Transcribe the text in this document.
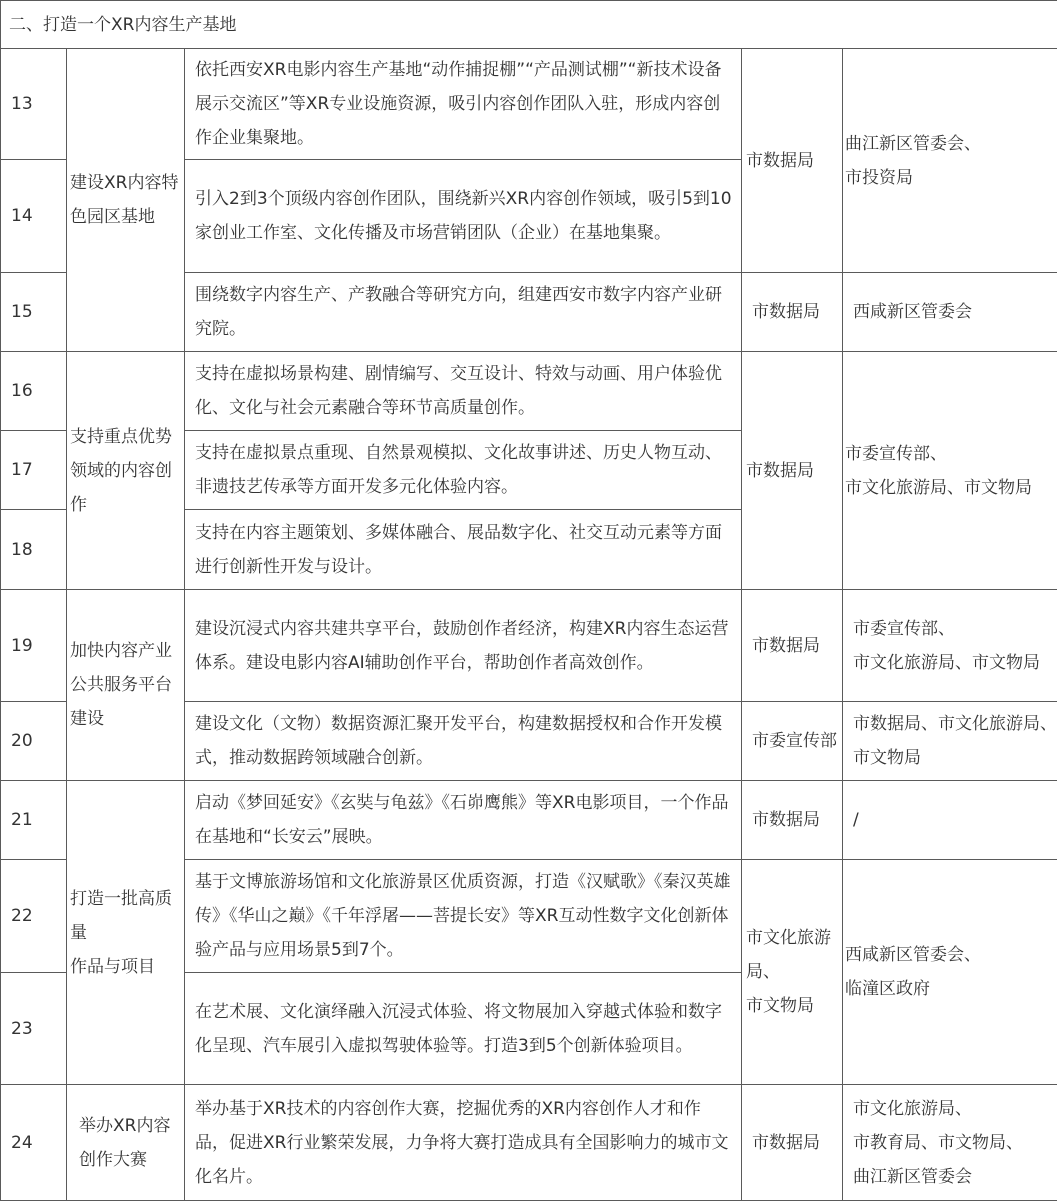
二、打造一个XR内容生产基地				
13	建设XR内容特色园区基地	依托西安XR电影内容生产基地“动作捕捉棚”“产品测试棚”“新技术设备展示交流区”等XR专业设施资源，吸引内容创作团队入驻，形成内容创作企业集聚地。	市数据局	曲江新区管委会、
市投资局
14		引入2到3个顶级内容创作团队，围绕新兴XR内容创作领域，吸引5到10家创业工作室、文化传播及市场营销团队（企业）在基地集聚。		
15		围绕数字内容生产、产教融合等研究方向，组建西安市数字内容产业研究院。	市数据局	西咸新区管委会
16	支持重点优势领域的内容创作	支持在虚拟场景构建、剧情编写、交互设计、特效与动画、用户体验优化、文化与社会元素融合等环节高质量创作。	市数据局	市委宣传部、
市文化旅游局、市文物局
17		支持在虚拟景点重现、自然景观模拟、文化故事讲述、历史人物互动、非遗技艺传承等方面开发多元化体验内容。		
18		支持在内容主题策划、多媒体融合、展品数字化、社交互动元素等方面进行创新性开发与设计。		
19	加快内容产业公共服务平台建设	建设沉浸式内容共建共享平台，鼓励创作者经济，构建XR内容生态运营体系。建设电影内容AI辅助创作平台，帮助创作者高效创作。	市数据局	市委宣传部、
市文化旅游局、市文物局
20		建设文化（文物）数据资源汇聚开发平台，构建数据授权和合作开发模式，推动数据跨领域融合创新。	市委宣传部	市数据局、市文化旅游局、市文物局
21	打造一批高质量
作品与项目	启动《梦回延安》《玄奘与龟兹》《石峁鹰熊》等XR电影项目，一个作品在基地和“长安云”展映。	市数据局	/
22		基于文博旅游场馆和文化旅游景区优质资源，打造《汉赋歌》《秦汉英雄传》《华山之巅》《千年浮屠——菩提长安》等XR互动性数字文化创新体验产品与应用场景5到7个。	市文化旅游局、
市文物局	西咸新区管委会、
临潼区政府
23		在艺术展、文化演绎融入沉浸式体验、将文物展加入穿越式体验和数字化呈现、汽车展引入虚拟驾驶体验等。打造3到5个创新体验项目。		
24	举办XR内容
创作大赛	举办基于XR技术的内容创作大赛，挖掘优秀的XR内容创作人才和作品，促进XR行业繁荣发展，力争将大赛打造成具有全国影响力的城市文化名片。	市数据局	市文化旅游局、
市教育局、市文物局、
曲江新区管委会
